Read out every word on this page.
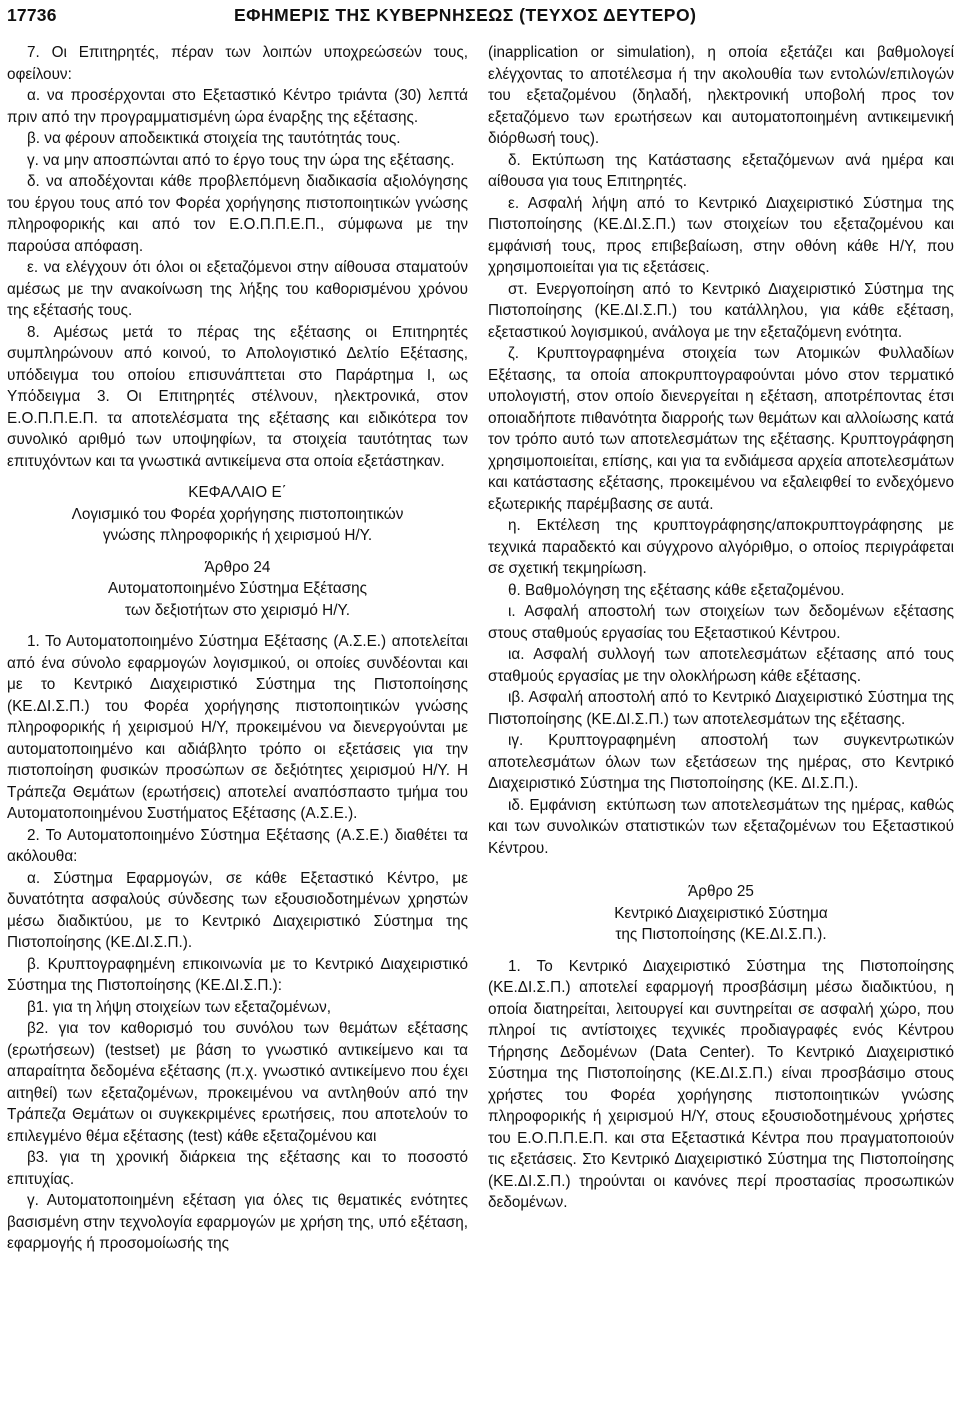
17736	ΕΦΗΜΕΡΙΣ ΤΗΣ ΚΥΒΕΡΝΗΣΕΩΣ (ΤΕΥΧΟΣ ΔΕΥΤΕΡΟ)

7. Οι Επιτηρητές, πέραν των λοιπών υποχρεώσεών τους, οφείλουν:

α. να προσέρχονται στο Εξεταστικό Κέντρο τριάντα (30) λεπτά πριν από την προγραμματισμένη ώρα έναρξης της εξέτασης.

β. να φέρουν αποδεικτικά στοιχεία της ταυτότητάς τους.

γ. να μην αποσπώνται από το έργο τους την ώρα της εξέτασης.

δ. να αποδέχονται κάθε προβλεπόμενη διαδικασία αξιολόγησης του έργου τους από τον Φορέα χορήγησης πιστοποιητικών γνώσης πληροφορικής και από τον Ε.Ο.Π.Π.Ε.Π., σύμφωνα με την παρούσα απόφαση.

ε. να ελέγχουν ότι όλοι οι εξεταζόμενοι στην αίθουσα σταματούν αμέσως με την ανακοίνωση της λήξης του καθορισμένου χρόνου της εξέτασής τους.

8. Αμέσως μετά το πέρας της εξέτασης οι Επιτηρητές συμπληρώνουν από κοινού, το Απολογιστικό Δελτίο Εξέτασης, υπόδειγμα του οποίου επισυνάπτεται στο Παράρτημα Ι, ως Υπόδειγμα 3. Οι Επιτηρητές στέλνουν, ηλεκτρονικά, στον Ε.Ο.Π.Π.Ε.Π. τα αποτελέσματα της εξέτασης και ειδικότερα τον συνολικό αριθμό των υποψηφίων, τα στοιχεία ταυτότητας των επιτυχόντων και τα γνωστικά αντικείμενα στα οποία εξετάστηκαν.

ΚΕΦΑΛΑΙΟ Ε΄

Λογισμικό του Φορέα χορήγησης πιστοποιητικών

γνώσης πληροφορικής ή χειρισμού Η/Υ.

Άρθρο 24

Αυτοματοποιημένο Σύστημα Εξέτασης

των δεξιοτήτων στο χειρισμό Η/Υ.

1. Το Αυτοματοποιημένο Σύστημα Εξέτασης (Α.Σ.Ε.) αποτελείται από ένα σύνολο εφαρμογών λογισμικού, οι οποίες συνδέονται και με το Κεντρικό Διαχειριστικό Σύστημα της Πιστοποίησης (ΚΕ.ΔΙ.Σ.Π.) του Φορέα χορήγησης πιστοποιητικών γνώσης πληροφορικής ή χειρισμού Η/Υ, προκειμένου να διενεργούνται με αυτοματοποιημένο και αδιάβλητο τρόπο οι εξετάσεις για την πιστοποίηση φυσικών προσώπων σε δεξιότητες χειρισμού Η/Υ. Η Τράπεζα Θεμάτων (ερωτήσεις) αποτελεί αναπόσπαστο τμήμα του Αυτοματοποιημένου Συστήματος Εξέτασης (Α.Σ.Ε.).

2. Το Αυτοματοποιημένο Σύστημα Εξέτασης (Α.Σ.Ε.) διαθέτει τα ακόλουθα:

α. Σύστημα Εφαρμογών, σε κάθε Εξεταστικό Κέντρο, με δυνατότητα ασφαλούς σύνδεσης των εξουσιοδοτημένων χρηστών μέσω διαδικτύου, με το Κεντρικό Διαχειριστικό Σύστημα της Πιστοποίησης (ΚΕ.ΔΙ.Σ.Π.).

β. Κρυπτογραφημένη επικοινωνία με το Κεντρικό Διαχειριστικό Σύστημα της Πιστοποίησης (ΚΕ.ΔΙ.Σ.Π.):

β1. για τη λήψη στοιχείων των εξεταζομένων,

β2. για τον καθορισμό του συνόλου των θεμάτων εξέτασης (ερωτήσεων) (testset) με βάση το γνωστικό αντικείμενο και τα απαραίτητα δεδομένα εξέτασης (π.χ. γνωστικό αντικείμενο που έχει αιτηθεί) των εξεταζομένων, προκειμένου να αντληθούν από την Τράπεζα Θεμάτων οι συγκεκριμένες ερωτήσεις, που αποτελούν το επιλεγμένο θέμα εξέτασης (test) κάθε εξεταζομένου και

β3. για τη χρονική διάρκεια της εξέτασης και το ποσοστό επιτυχίας.

γ. Αυτοματοποιημένη εξέταση για όλες τις θεματικές ενότητες βασισμένη στην τεχνολογία εφαρμογών με χρήση της, υπό εξέταση, εφαρμογής ή προσομοίωσής της

(inapplication or simulation), η οποία εξετάζει και βαθμολογεί ελέγχοντας το αποτέλεσμα ή την ακολουθία των εντολών/επιλογών του εξεταζομένου (δηλαδή, ηλεκτρονική υποβολή προς τον εξεταζόμενο των ερωτήσεων και αυτοματοποιημένη αντικειμενική διόρθωσή τους).

δ. Εκτύπωση της Κατάστασης εξεταζόμενων ανά ημέρα και αίθουσα για τους Επιτηρητές.

ε. Ασφαλή λήψη από το Κεντρικό Διαχειριστικό Σύστημα της Πιστοποίησης (ΚΕ.ΔΙ.Σ.Π.) των στοιχείων του εξεταζομένου και εμφάνισή τους, προς επιβεβαίωση, στην οθόνη κάθε Η/Υ, που χρησιμοποιείται για τις εξετάσεις.

στ. Ενεργοποίηση από το Κεντρικό Διαχειριστικό Σύστημα της Πιστοποίησης (ΚΕ.ΔΙ.Σ.Π.) του κατάλληλου, για κάθε εξέταση, εξεταστικού λογισμικού, ανάλογα με την εξεταζόμενη ενότητα.

ζ. Κρυπτογραφημένα στοιχεία των Ατομικών Φυλλαδίων Εξέτασης, τα οποία αποκρυπτογραφούνται μόνο στον τερματικό υπολογιστή, στον οποίο διενεργείται η εξέταση, αποτρέποντας έτσι οποιαδήποτε πιθανότητα διαρροής των θεμάτων και αλλοίωσης κατά τον τρόπο αυτό των αποτελεσμάτων της εξέτασης. Κρυπτογράφηση χρησιμοποιείται, επίσης, και για τα ενδιάμεσα αρχεία αποτελεσμάτων και κατάστασης εξέτασης, προκειμένου να εξαλειφθεί το ενδεχόμενο εξωτερικής παρέμβασης σε αυτά.

η. Εκτέλεση της κρυπτογράφησης/αποκρυπτογράφησης με τεχνικά παραδεκτό και σύγχρονο αλγόριθμο, ο οποίος περιγράφεται σε σχετική τεκμηρίωση.

θ. Βαθμολόγηση της εξέτασης κάθε εξεταζομένου.

ι. Ασφαλή αποστολή των στοιχείων των δεδομένων εξέτασης στους σταθμούς εργασίας του Εξεταστικού Κέντρου.

ια. Ασφαλή συλλογή των αποτελεσμάτων εξέτασης από τους σταθμούς εργασίας με την ολοκλήρωση κάθε εξέτασης.

ιβ. Ασφαλή αποστολή από το Κεντρικό Διαχειριστικό Σύστημα της Πιστοποίησης (ΚΕ.ΔΙ.Σ.Π.) των αποτελεσμάτων της εξέτασης.

ιγ. Κρυπτογραφημένη αποστολή των συγκεντρωτικών αποτελεσμάτων όλων των εξετάσεων της ημέρας, στο Κεντρικό Διαχειριστικό Σύστημα της Πιστοποίησης (ΚΕ. ΔΙ.Σ.Π.).

ιδ. Εμφάνιση εκτύπωση των αποτελεσμάτων της ημέρας, καθώς και των συνολικών στατιστικών των εξεταζομένων του Εξεταστικού Κέντρου.

Άρθρο 25

Κεντρικό Διαχειριστικό Σύστημα

της Πιστοποίησης (ΚΕ.ΔΙ.Σ.Π.).

1. Το Κεντρικό Διαχειριστικό Σύστημα της Πιστοποίησης (ΚΕ.ΔΙ.Σ.Π.) αποτελεί εφαρμογή προσβάσιμη μέσω διαδικτύου, η οποία διατηρείται, λειτουργεί και συντηρείται σε ασφαλή χώρο, που πληροί τις αντίστοιχες τεχνικές προδιαγραφές ενός Κέντρου Τήρησης Δεδομένων (Data Center). Το Κεντρικό Διαχειριστικό Σύστημα της Πιστοποίησης (ΚΕ.ΔΙ.Σ.Π.) είναι προσβάσιμο στους χρήστες του Φορέα χορήγησης πιστοποιητικών γνώσης πληροφορικής ή χειρισμού Η/Υ, στους εξουσιοδοτημένους χρήστες του Ε.Ο.Π.Π.Ε.Π. και στα Εξεταστικά Κέντρα που πραγματοποιούν τις εξετάσεις. Στο Κεντρικό Διαχειριστικό Σύστημα της Πιστοποίησης (ΚΕ.ΔΙ.Σ.Π.) τηρούνται οι κανόνες περί προστασίας προσωπικών δεδομένων.
